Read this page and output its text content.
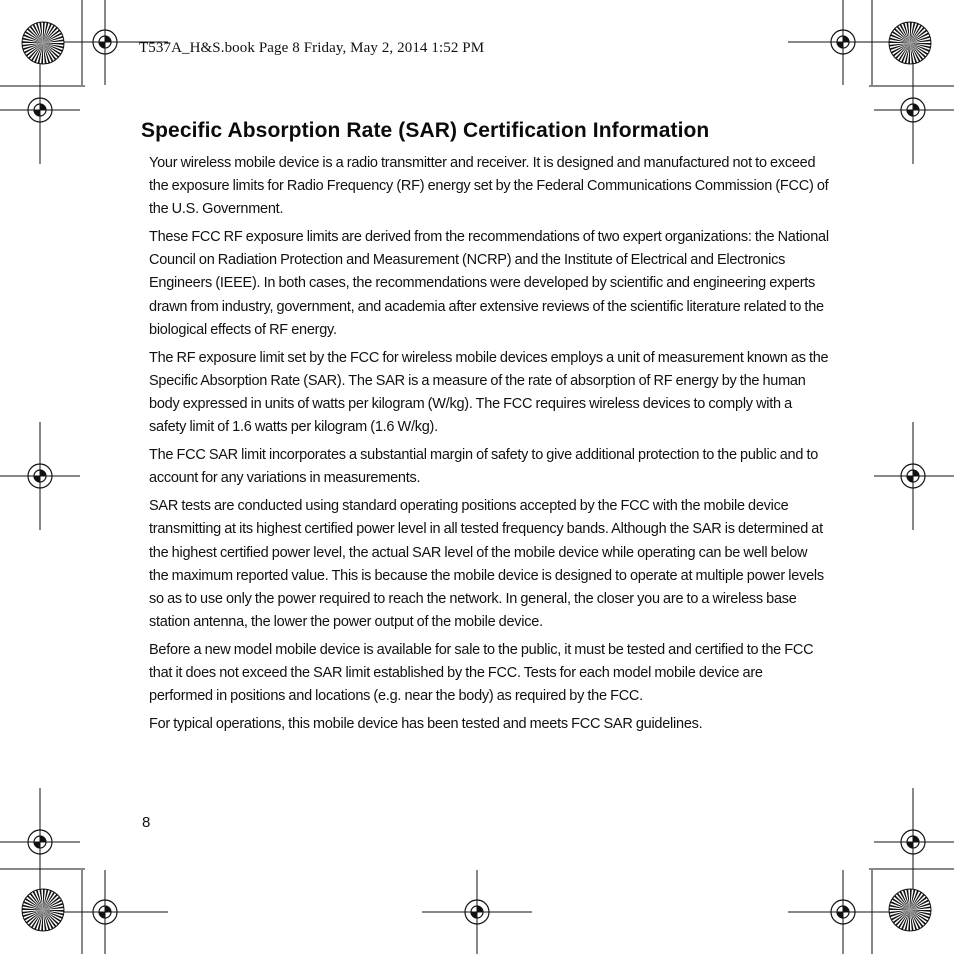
T537A_H&S.book Page 8 Friday, May 2, 2014 1:52 PM
Specific Absorption Rate (SAR) Certification Information

Your wireless mobile device is a radio transmitter and receiver. It is designed and manufactured not to exceed the exposure limits for Radio Frequency (RF) energy set by the Federal Communications Commission (FCC) of the U.S. Government.

These FCC RF exposure limits are derived from the recommendations of two expert organizations: the National Council on Radiation Protection and Measurement (NCRP) and the Institute of Electrical and Electronics Engineers (IEEE). In both cases, the recommendations were developed by scientific and engineering experts drawn from industry, government, and academia after extensive reviews of the scientific literature related to the biological effects of RF energy.

The RF exposure limit set by the FCC for wireless mobile devices employs a unit of measurement known as the Specific Absorption Rate (SAR). The SAR is a measure of the rate of absorption of RF energy by the human body expressed in units of watts per kilogram (W/kg). The FCC requires wireless devices to comply with a safety limit of 1.6 watts per kilogram (1.6 W/kg).

The FCC SAR limit incorporates a substantial margin of safety to give additional protection to the public and to account for any variations in measurements.

SAR tests are conducted using standard operating positions accepted by the FCC with the mobile device transmitting at its highest certified power level in all tested frequency bands. Although the SAR is determined at the highest certified power level, the actual SAR level of the mobile device while operating can be well below the maximum reported value. This is because the mobile device is designed to operate at multiple power levels so as to use only the power required to reach the network. In general, the closer you are to a wireless base station antenna, the lower the power output of the mobile device.

Before a new model mobile device is available for sale to the public, it must be tested and certified to the FCC that it does not exceed the SAR limit established by the FCC. Tests for each model mobile device are performed in positions and locations (e.g. near the body) as required by the FCC.

For typical operations, this mobile device has been tested and meets FCC SAR guidelines.

8
